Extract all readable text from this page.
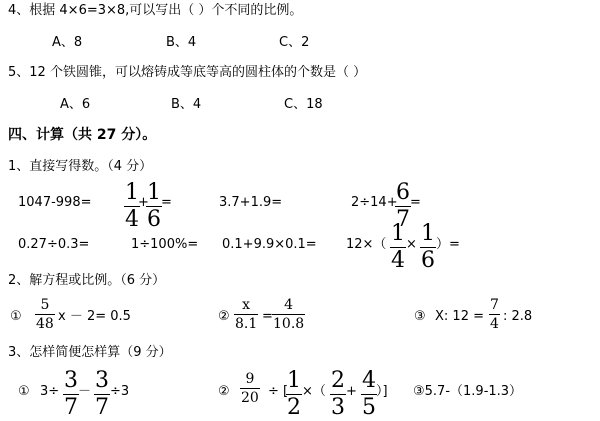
4、根据 4×6=3×8,可以写出（ ）个不同的比例。
A、8	B、4	C、2
5、12 个铁圆锥，可以熔铸成等底等高的圆柱体的个数是（ ）
A、6	B、4	C、18
四、计算（共 27 分）。
1、直接写得数。（4 分）
1047-998= 1
4
+
1
6
=	3.7+1.9=	2÷14+
6
7
=
0.27÷0.3=	1÷100%= 0.1+9.9×0.1= 12×（ 1
4
× 1
6
）=
2、解方程或比例。（6 分）
①
5
48 x － 2= 0.5	②
x
8.1 =
4
10.8	③ X: 12 =
7
4 : 2.8
3、怎样简便怎样算（9 分）
① 3÷ 3
7
－ 3
7
÷3	②
9
20 ÷ [
1
2
×（ 2
3
+ 4
5
）] ③5.7-（1.9-1.3）
